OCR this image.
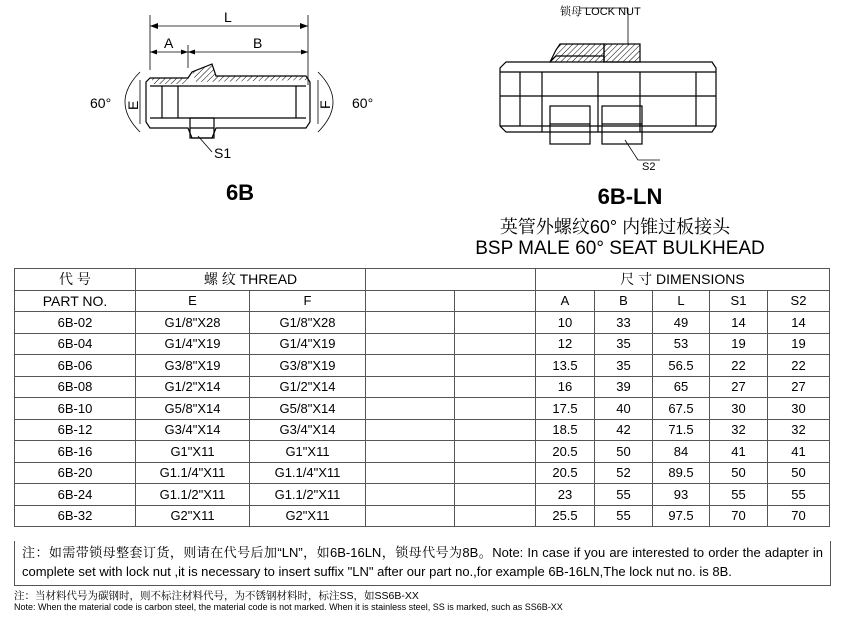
L
A	B
E	F
60°	60°
S1
锁母 LOCK NUT
S2
6B	6B-LN
英管外螺纹60° 内锥过板接头
BSP MALE 60° SEAT BULKHEAD
代 号	螺 纹 THREAD				尺 寸 DIMENSIONS				
PART NO.	E	F			A	B	L	S1	S2
6B-02	G1/8"X28	G1/8"X28			10	33	49	14	14
6B-04	G1/4"X19	G1/4"X19			12	35	53	19	19
6B-06	G3/8"X19	G3/8"X19			13.5	35	56.5	22	22
6B-08	G1/2"X14	G1/2"X14			16	39	65	27	27
6B-10	G5/8"X14	G5/8"X14			17.5	40	67.5	30	30
6B-12	G3/4"X14	G3/4"X14			18.5	42	71.5	32	32
6B-16	G1"X11	G1"X11			20.5	50	84	41	41
6B-20	G1.1/4"X11	G1.1/4"X11			20.5	52	89.5	50	50
6B-24	G1.1/2"X11	G1.1/2"X11			23	55	93	55	55
6B-32	G2"X11	G2"X11			25.5	55	97.5	70	70
注：如需带锁母整套订货，则请在代号后加“LN”，如6B-16LN，锁母代号为8B。Note: In case if you are interested to order the adapter in complete set with lock nut ,it is necessary to insert suffix "LN" after our part no.,for example 6B-16LN,The lock nut no. is 8B.
注：当材料代号为碳钢时，则不标注材料代号，为不锈钢材料时，标注SS，如SS6B-XX
Note: When the material code is carbon steel, the material code is not marked. When it is stainless steel, SS is marked, such as SS6B-XX
